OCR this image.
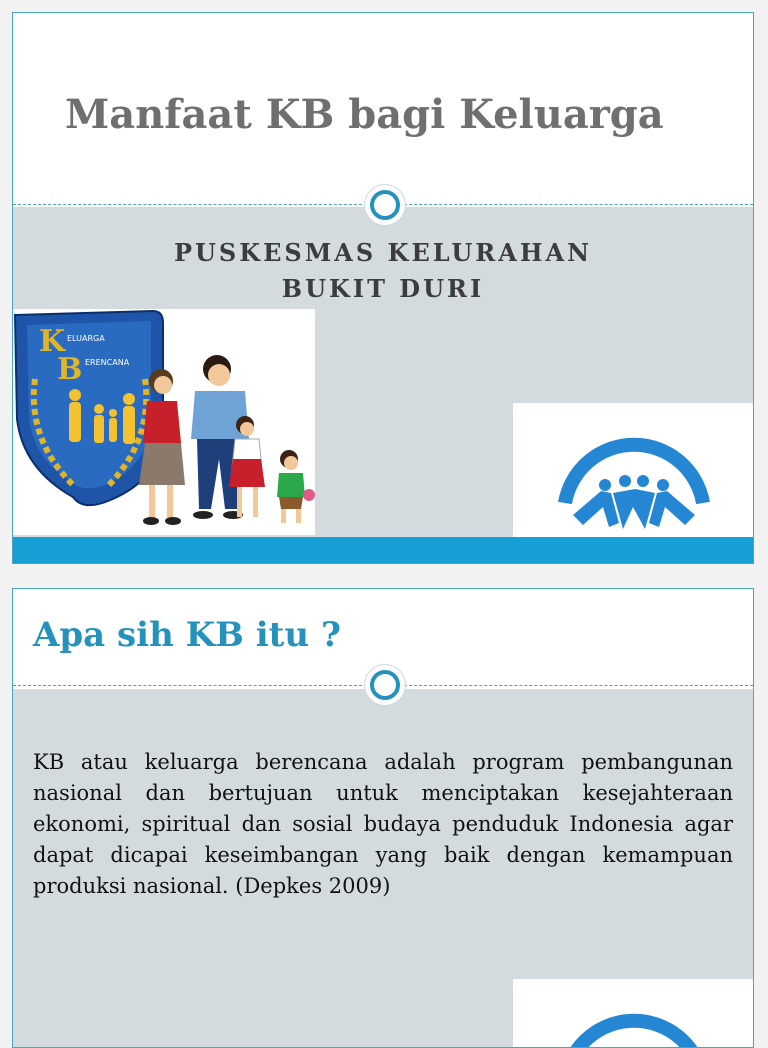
Manfaat KB bagi Keluarga
PUSKESMAS KELURAHAN
BUKIT DURI
K
B
ELUARGA
ERENCANA
Apa sih KB itu ?

KB atau keluarga berencana adalah program pembangunan nasional dan bertujuan untuk menciptakan kesejahteraan ekonomi, spiritual dan sosial budaya penduduk Indonesia agar dapat dicapai keseimbangan yang baik dengan kemampuan produksi nasional. (Depkes 2009)
